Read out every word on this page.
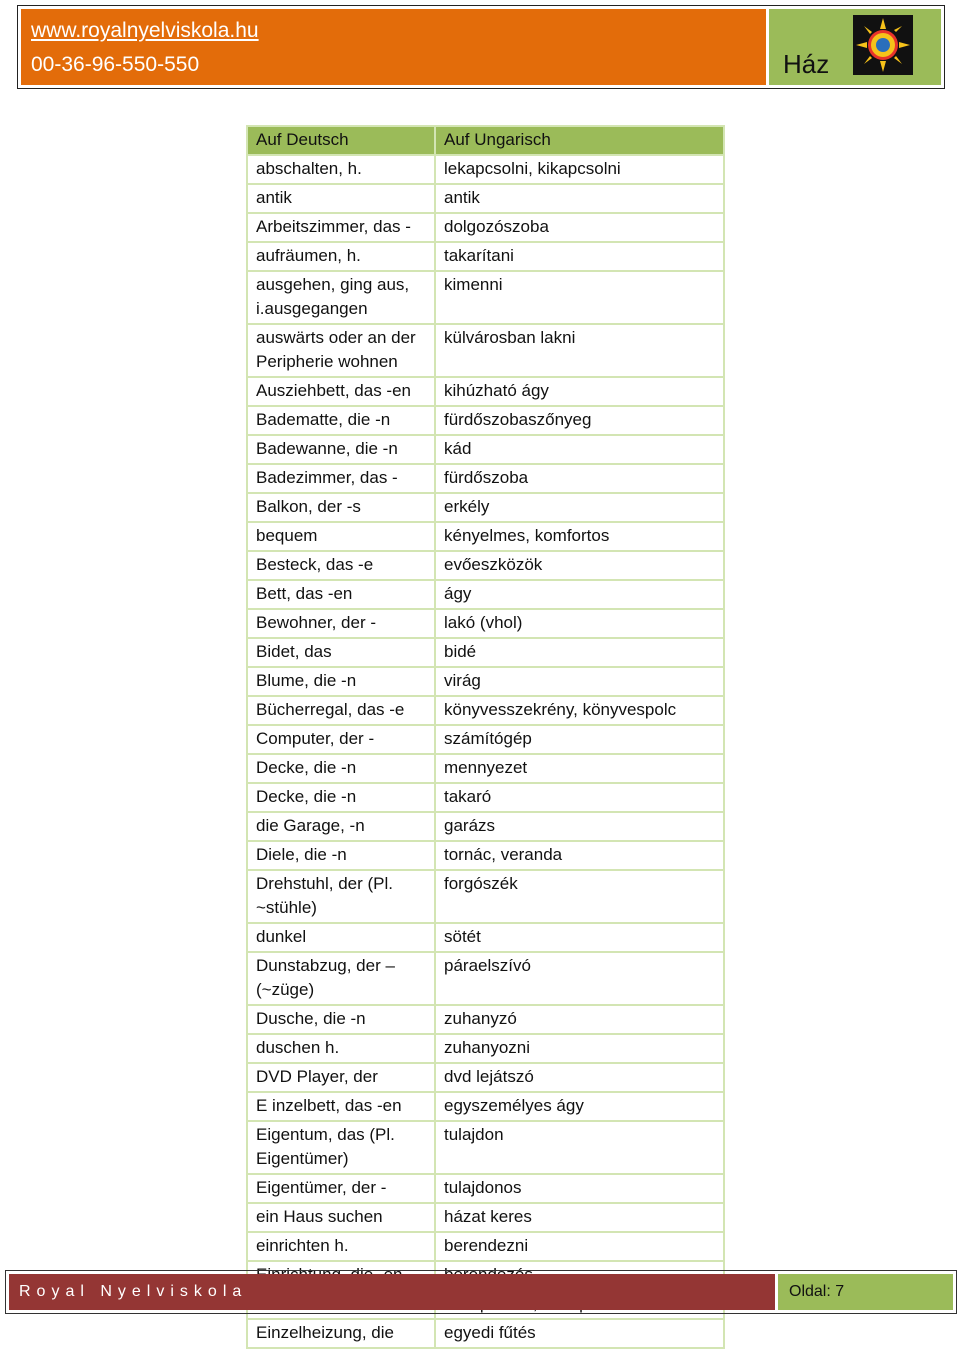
www.royalnyelviskola.hu
00-36-96-550-550	Ház
Auf Deutsch	Auf Ungarisch
abschalten, h.	lekapcsolni, kikapcsolni
antik	antik
Arbeitszimmer, das -	dolgozószoba
aufräumen, h.	takarítani
ausgehen, ging aus, i.ausgegangen	kimenni
auswärts oder an der Peripherie wohnen	külvárosban lakni
Ausziehbett, das -en	kihúzható ágy
Badematte, die -n	fürdőszobaszőnyeg
Badewanne, die -n	kád
Badezimmer, das -	fürdőszoba
Balkon, der -s	erkély
bequem	kényelmes, komfortos
Besteck, das -e	evőeszközök
Bett, das -en	ágy
Bewohner, der -	lakó (vhol)
Bidet, das	bidé
Blume, die -n	virág
Bücherregal, das -e	könyvesszekrény, könyvespolc
Computer, der -	számítógép
Decke, die -n	mennyezet
Decke, die -n	takaró
die Garage, -n	garázs
Diele, die -n	tornác, veranda
Drehstuhl, der (Pl. ~stühle)	forgószék
dunkel	sötét
Dunstabzug, der – (~züge)	páraelszívó
Dusche, die -n	zuhanyzó
duschen h.	zuhanyozni
DVD Player, der	dvd lejátszó
E inzelbett, das -en	egyszemélyes ágy
Eigentum, das (Pl. Eigentümer)	tulajdon
Eigentümer, der -	tulajdonos
ein Haus suchen	házat keres
einrichten h.	berendezni

Einzelheizung, die	egyedi fűtés
Royal Nyelviskola	Oldal: 7
